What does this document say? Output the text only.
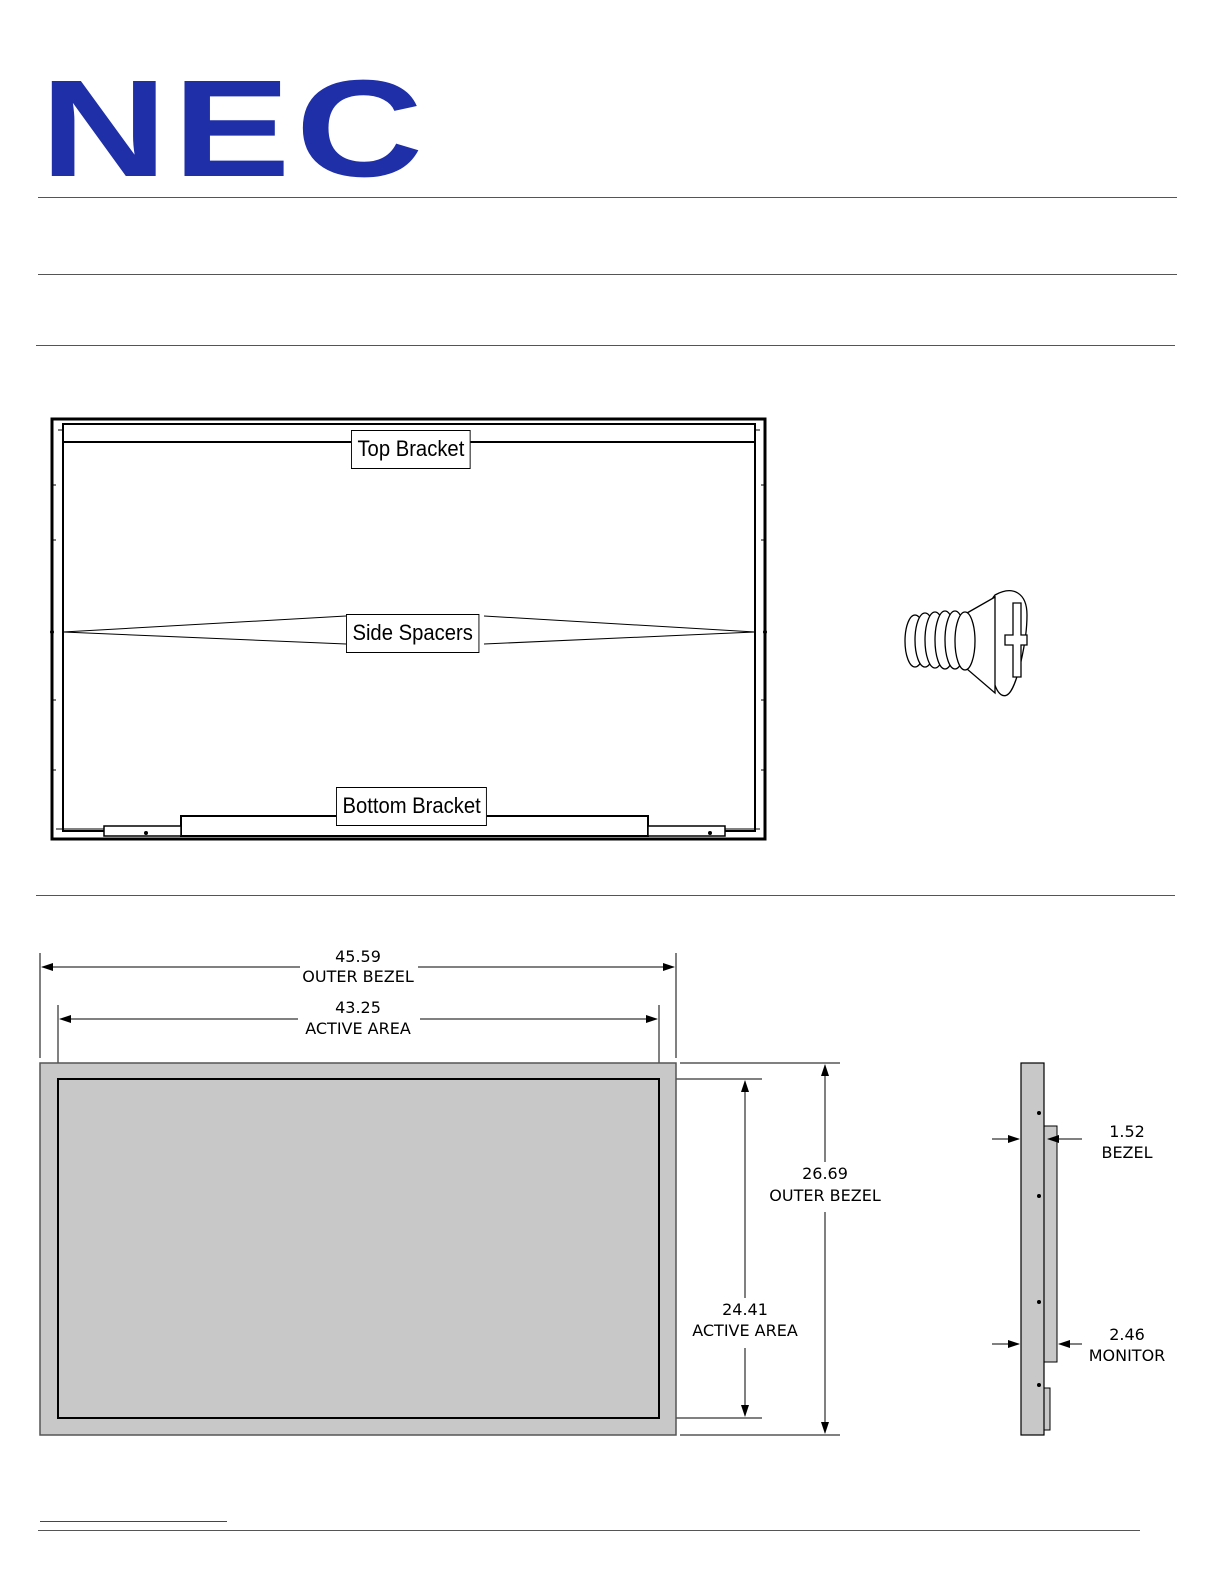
NEC
Top Bracket
Side Spacers
Bottom Bracket
45.59
OUTER BEZEL
43.25
ACTIVE AREA
26.69
OUTER BEZEL
24.41
ACTIVE AREA
1.52
BEZEL
2.46
MONITOR
